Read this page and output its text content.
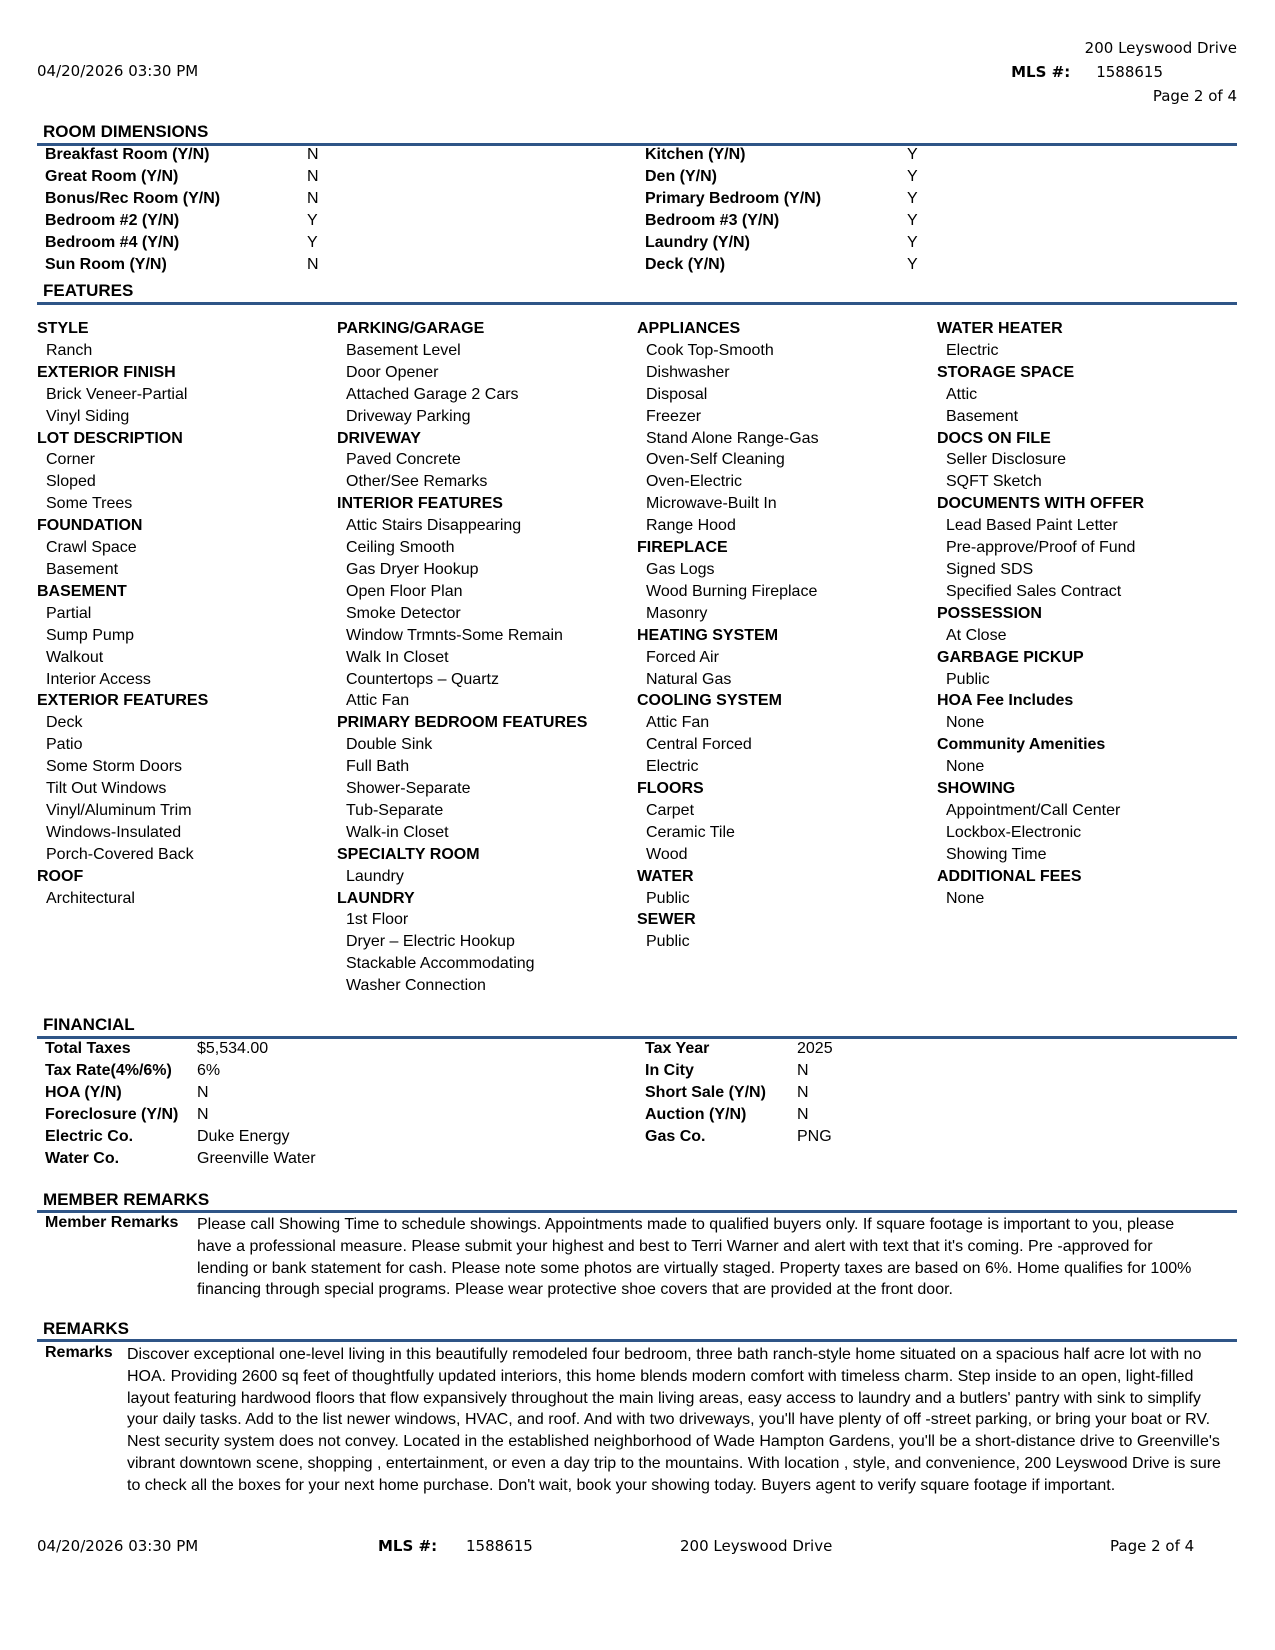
04/20/2026 03:30 PM
200 Leyswood Drive
MLS #: 1588615
Page 2 of 4
ROOM DIMENSIONS
Breakfast Room (Y/N)	N	Kitchen (Y/N)	Y
Great Room (Y/N)	N	Den (Y/N)	Y
Bonus/Rec Room (Y/N)	N	Primary Bedroom (Y/N)	Y
Bedroom #2 (Y/N)	Y	Bedroom #3 (Y/N)	Y
Bedroom #4 (Y/N)	Y	Laundry (Y/N)	Y
Sun Room (Y/N)	N	Deck (Y/N)	Y
FEATURES
STYLE
Ranch
EXTERIOR FINISH
Brick Veneer-Partial
Vinyl Siding
LOT DESCRIPTION
Corner
Sloped
Some Trees
FOUNDATION
Crawl Space
Basement
BASEMENT
Partial
Sump Pump
Walkout
Interior Access
EXTERIOR FEATURES
Deck
Patio
Some Storm Doors
Tilt Out Windows
Vinyl/Aluminum Trim
Windows-Insulated
Porch-Covered Back
ROOF
Architectural
PARKING/GARAGE
Basement Level
Door Opener
Attached Garage 2 Cars
Driveway Parking
DRIVEWAY
Paved Concrete
Other/See Remarks
INTERIOR FEATURES
Attic Stairs Disappearing
Ceiling Smooth
Gas Dryer Hookup
Open Floor Plan
Smoke Detector
Window Trmnts-Some Remain
Walk In Closet
Countertops – Quartz
Attic Fan
PRIMARY BEDROOM FEATURES
Double Sink
Full Bath
Shower-Separate
Tub-Separate
Walk-in Closet
SPECIALTY ROOM
Laundry
LAUNDRY
1st Floor
Dryer – Electric Hookup
Stackable Accommodating
Washer Connection
APPLIANCES
Cook Top-Smooth
Dishwasher
Disposal
Freezer
Stand Alone Range-Gas
Oven-Self Cleaning
Oven-Electric
Microwave-Built In
Range Hood
FIREPLACE
Gas Logs
Wood Burning Fireplace
Masonry
HEATING SYSTEM
Forced Air
Natural Gas
COOLING SYSTEM
Attic Fan
Central Forced
Electric
FLOORS
Carpet
Ceramic Tile
Wood
WATER
Public
SEWER
Public
WATER HEATER
Electric
STORAGE SPACE
Attic
Basement
DOCS ON FILE
Seller Disclosure
SQFT Sketch
DOCUMENTS WITH OFFER
Lead Based Paint Letter
Pre-approve/Proof of Fund
Signed SDS
Specified Sales Contract
POSSESSION
At Close
GARBAGE PICKUP
Public
HOA Fee Includes
None
Community Amenities
None
SHOWING
Appointment/Call Center
Lockbox-Electronic
Showing Time
ADDITIONAL FEES
None
FINANCIAL
Total Taxes	$5,534.00	Tax Year	2025
Tax Rate(4%/6%) 6%	In City	N
HOA (Y/N)	N	Short Sale (Y/N) N
Foreclosure (Y/N) N	Auction (Y/N)	N
Electric Co.	Duke Energy	Gas Co.	PNG
Water Co.	Greenville Water
MEMBER REMARKS
Member Remarks Please call Showing Time to schedule showings. Appointments made to qualified buyers only. If square footage is important to you, please have a professional measure. Please submit your highest and best to Terri Warner and alert with text that it's coming. Pre -approved for lending or bank statement for cash. Please note some photos are virtually staged. Property taxes are based on 6%. Home qualifies for 100% financing through special programs. Please wear protective shoe covers that are provided at the front door.
REMARKS
Remarks Discover exceptional one-level living in this beautifully remodeled four bedroom, three bath ranch-style home situated on a spacious half acre lot with no HOA. Providing 2600 sq feet of thoughtfully updated interiors, this home blends modern comfort with timeless charm. Step inside to an open, light-filled layout featuring hardwood floors that flow expansively throughout the main living areas, easy access to laundry and a butlers' pantry with sink to simplify your daily tasks. Add to the list newer windows, HVAC, and roof. And with two driveways, you'll have plenty of off -street parking, or bring your boat or RV. Nest security system does not convey. Located in the established neighborhood of Wade Hampton Gardens, you'll be a short-distance drive to Greenville's vibrant downtown scene, shopping , entertainment, or even a day trip to the mountains. With location , style, and convenience, 200 Leyswood Drive is sure to check all the boxes for your next home purchase. Don't wait, book your showing today. Buyers agent to verify square footage if important.
04/20/2026 03:30 PM	MLS #: 1588615	200 Leyswood Drive	Page 2 of 4
